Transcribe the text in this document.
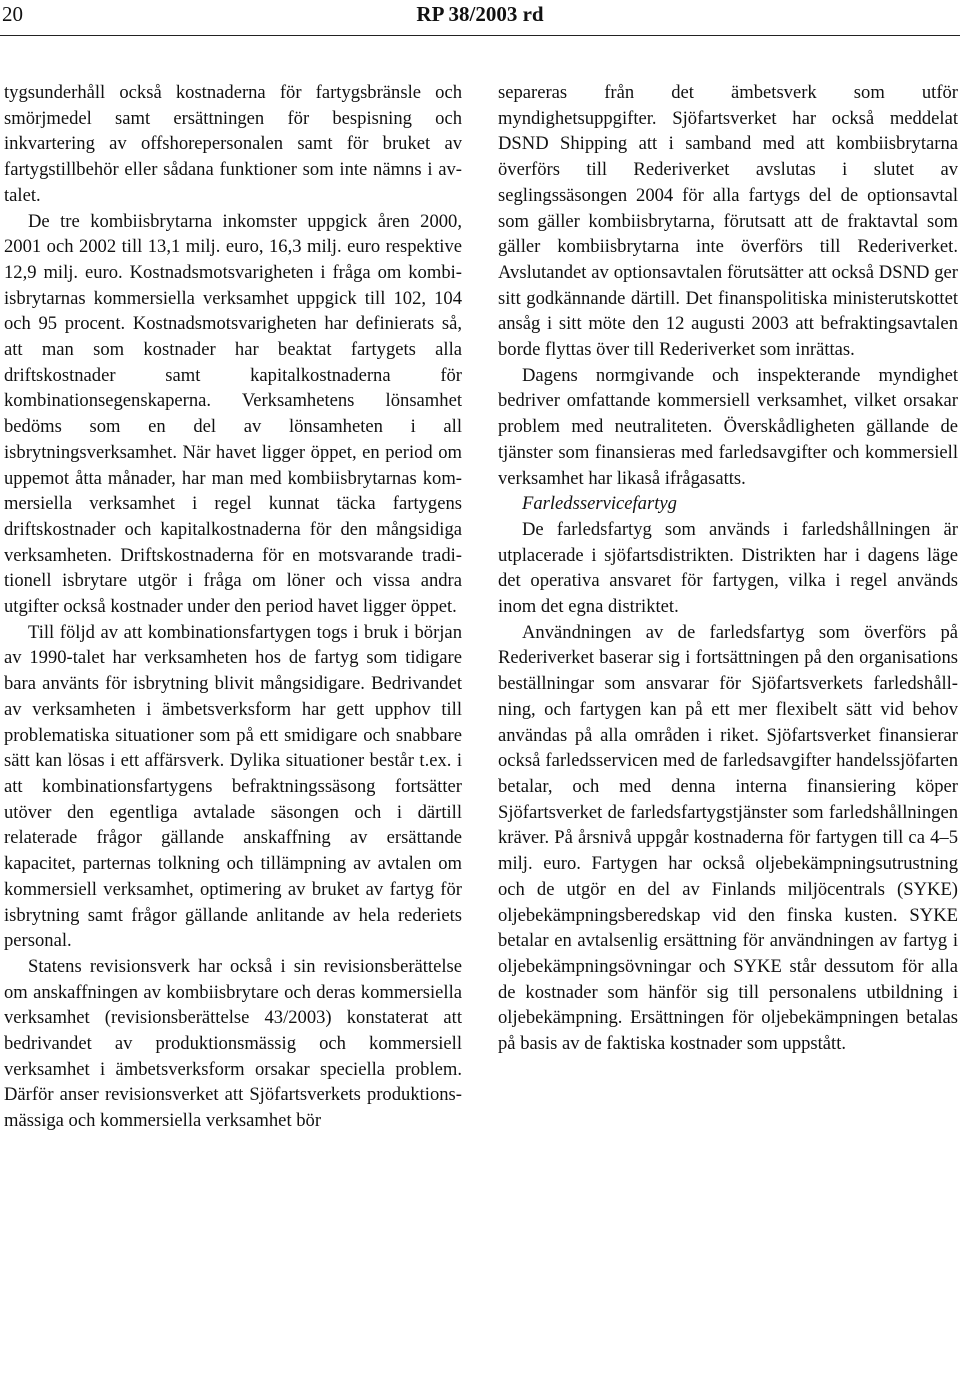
20	RP 38/2003 rd

tygsunderhåll också kostnaderna för fartygsbränsle och smörjmedel samt ersättningen för bespisning och inkvartering av offshorepersonalen samt för bruket av fartygstillbehör eller sådana funktioner som inte nämns i avtalet.

De tre kombiisbrytarna inkomster uppgick åren 2000, 2001 och 2002 till 13,1 milj. euro, 16,3 milj. euro respektive 12,9 milj. euro. Kostnadsmotsvarigheten i fråga om kombiisbrytarnas kommersiella verksamhet uppgick till 102, 104 och 95 procent. Kostnadsmotsvarigheten har definierats så, att man som kostnader har beaktat fartygets alla driftskostnader samt kapitalkostnaderna för kombinationsegenskaperna. Verksamhetens lönsamhet bedöms som en del av lönsamheten i all isbrytningsverksamhet. När havet ligger öppet, en period om uppemot åtta månader, har man med kombiisbrytarnas kommersiella verksamhet i regel kunnat täcka fartygens driftskostnader och kapitalkostnaderna för den mångsidiga verksamheten. Driftskostnaderna för en motsvarande traditionell isbrytare utgör i fråga om löner och vissa andra utgifter också kostnader under den period havet ligger öppet.

Till följd av att kombinationsfartygen togs i bruk i början av 1990-talet har verksamheten hos de fartyg som tidigare bara använts för isbrytning blivit mångsidigare. Bedrivandet av verksamheten i ämbetsverksform har gett upphov till problematiska situationer som på ett smidigare och snabbare sätt kan lösas i ett affärsverk. Dylika situationer består t.ex. i att kombinationsfartygens befraktningssäsong fortsätter utöver den egentliga avtalade säsongen och i därtill relaterade frågor gällande anskaffning av ersättande kapacitet, parternas tolkning och tillämpning av avtalen om kommersiell verksamhet, optimering av bruket av fartyg för isbrytning samt frågor gällande anlitande av hela rederiets personal.

Statens revisionsverk har också i sin revisionsberättelse om anskaffningen av kombiisbrytare och deras kommersiella verksamhet (revisionsberättelse 43/2003) konstaterat att bedrivandet av produktionsmässig och kommersiell verksamhet i ämbetsverksform orsakar speciella problem. Därför anser revisionsverket att Sjöfartsverkets produktionsmässiga och kommersiella verksamhet bör

separeras från det ämbetsverk som utför myndighetsuppgifter. Sjöfartsverket har också meddelat DSND Shipping att i samband med att kombiisbrytarna överförs till Rederiverket avslutas i slutet av seglingssäsongen 2004 för alla fartygs del de optionsavtal som gäller kombiisbrytarna, förutsatt att de fraktavtal som gäller kombiisbrytarna inte överförs till Rederiverket. Avslutandet av optionsavtalen förutsätter att också DSND ger sitt godkännande därtill. Det finanspolitiska ministerutskottet ansåg i sitt möte den 12 augusti 2003 att befraktingsavtalen borde flyttas över till Rederiverket som inrättas.

Dagens normgivande och inspekterande myndighet bedriver omfattande kommersiell verksamhet, vilket orsakar problem med neutraliteten. Överskådligheten gällande de tjänster som finansieras med farledsavgifter och kommersiell verksamhet har likaså ifrågasatts.

Farledsservicefartyg

De farledsfartyg som används i farledshållningen är utplacerade i sjöfartsdistrikten. Distrikten har i dagens läge det operativa ansvaret för fartygen, vilka i regel används inom det egna distriktet.

Användningen av de farledsfartyg som överförs på Rederiverket baserar sig i fortsättningen på den organisations beställningar som ansvarar för Sjöfartsverkets farledshållning, och fartygen kan på ett mer flexibelt sätt vid behov användas på alla områden i riket. Sjöfartsverket finansierar också farledsservicen med de farledsavgifter handelssjöfarten betalar, och med denna interna finansiering köper Sjöfartsverket de farledsfartygstjänster som farledshållningen kräver. På årsnivå uppgår kostnaderna för fartygen till ca 4–5 milj. euro. Fartygen har också oljebekämpningsutrustning och de utgör en del av Finlands miljöcentrals (SYKE) oljebekämpningsberedskap vid den finska kusten. SYKE betalar en avtalsenlig ersättning för användningen av fartyg i oljebekämpningsövningar och SYKE står dessutom för alla de kostnader som hänför sig till personalens utbildning i oljebekämpning. Ersättningen för oljebekämpningen betalas på basis av de faktiska kostnader som uppstått.
